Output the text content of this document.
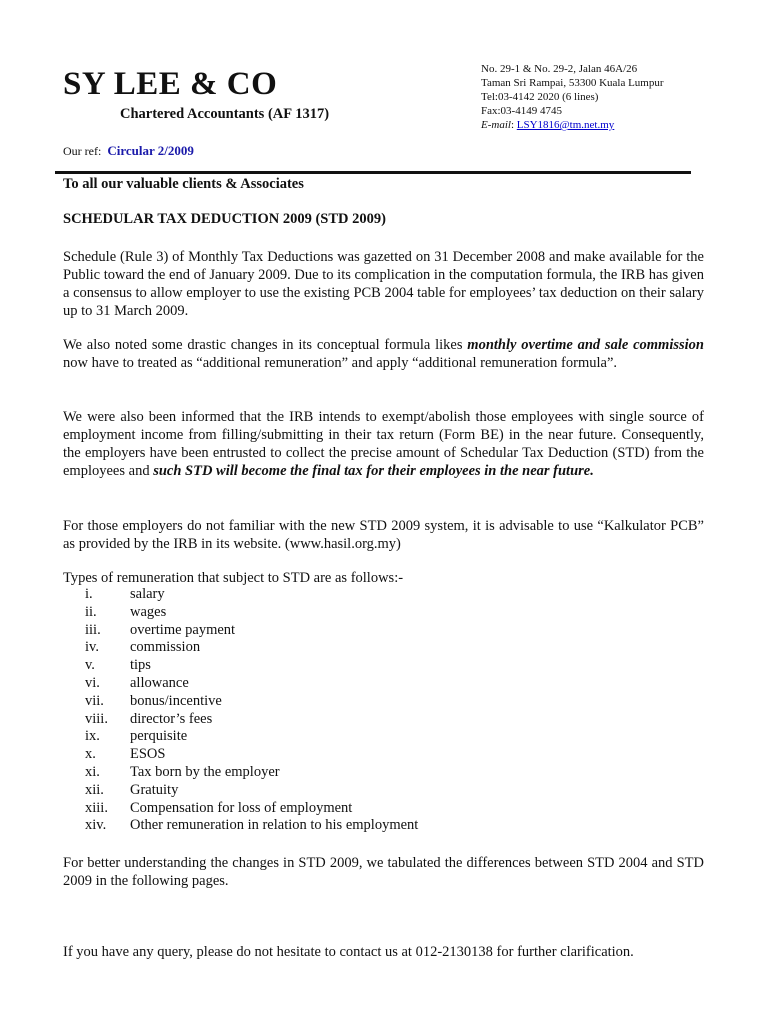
SY LEE & CO
Chartered Accountants (AF 1317)
No. 29-1 & No. 29-2, Jalan 46A/26
Taman Sri Rampai, 53300 Kuala Lumpur
Tel:03-4142 2020 (6 lines)
Fax:03-4149 4745
E-mail: LSY1816@tm.net.my
Our ref: Circular 2/2009
To all our valuable clients & Associates
SCHEDULAR TAX DEDUCTION 2009 (STD 2009)
Schedule (Rule 3) of Monthly Tax Deductions was gazetted on 31 December 2008 and make available for the Public toward the end of January 2009. Due to its complication in the computation formula, the IRB has given a consensus to allow employer to use the existing PCB 2004 table for employees’ tax deduction on their salary up to 31 March 2009.
We also noted some drastic changes in its conceptual formula likes monthly overtime and sale commission now have to treated as “additional remuneration” and apply “additional remuneration formula”.
We were also been informed that the IRB intends to exempt/abolish those employees with single source of employment income from filling/submitting in their tax return (Form BE) in the near future. Consequently, the employers have been entrusted to collect the precise amount of Schedular Tax Deduction (STD) from the employees and such STD will become the final tax for their employees in the near future.
For those employers do not familiar with the new STD 2009 system, it is advisable to use “Kalkulator PCB” as provided by the IRB in its website. (www.hasil.org.my)
Types of remuneration that subject to STD are as follows:-
i.	salary
ii.	wages
iii.	overtime payment
iv.	commission
v.	tips
vi.	allowance
vii.	bonus/incentive
viii.	director’s fees
ix.	perquisite
x.	ESOS
xi.	Tax born by the employer
xii.	Gratuity
xiii.	Compensation for loss of employment
xiv.	Other remuneration in relation to his employment
For better understanding the changes in STD 2009, we tabulated the differences between STD 2004 and STD 2009 in the following pages.
If you have any query, please do not hesitate to contact us at 012-2130138 for further clarification.
